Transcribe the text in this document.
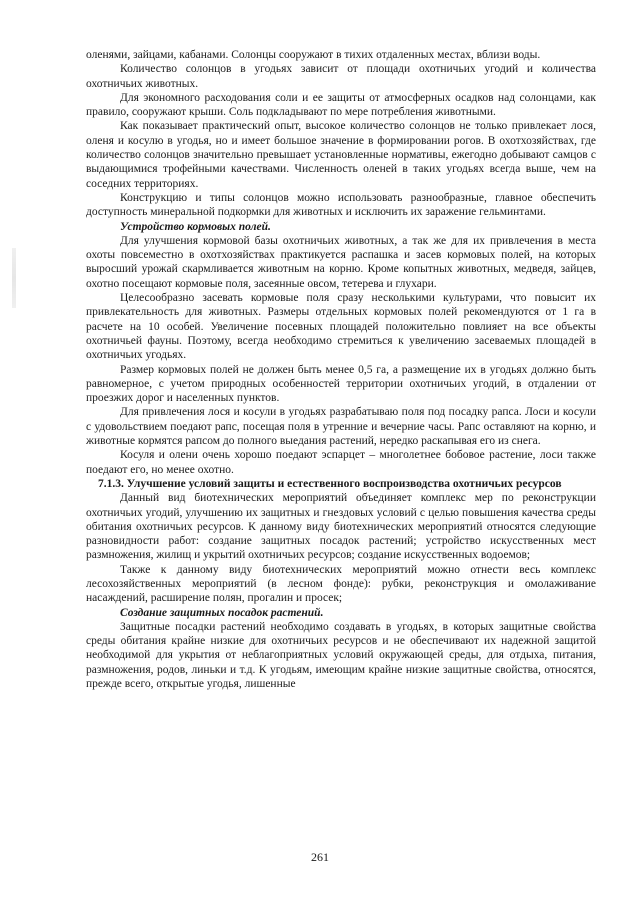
оленями, зайцами, кабанами. Солонцы сооружают в тихих отдаленных местах, вблизи воды.

Количество солонцов в угодьях зависит от площади охотничьих угодий и количества охотничьих животных.

Для экономного расходования соли и ее защиты от атмосферных осадков над солонцами, как правило, сооружают крыши. Соль подкладывают по мере потребления животными.

Как показывает практический опыт, высокое количество солонцов не только привлекает лося, оленя и косулю в угодья, но и имеет большое значение в формировании рогов. В охотхозяйствах, где количество солонцов значительно превышает установленные нормативы, ежегодно добывают самцов с выдающимися трофейными качествами. Численность оленей в таких угодьях всегда выше, чем на соседних территориях.

Конструкцию и типы солонцов можно использовать разнообразные, главное обеспечить доступность минеральной подкормки для животных и исключить их заражение гельминтами.

Устройство кормовых полей.

Для улучшения кормовой базы охотничьих животных, а так же для их привлечения в места охоты повсеместно в охотхозяйствах практикуется распашка и засев кормовых полей, на которых выросший урожай скармливается животным на корню. Кроме копытных животных, медведя, зайцев, охотно посещают кормовые поля, засеянные овсом, тетерева и глухари.

Целесообразно засевать кормовые поля сразу несколькими культурами, что повысит их привлекательность для животных. Размеры отдельных кормовых полей рекомендуются от 1 га в расчете на 10 особей. Увеличение посевных площадей положительно повлияет на все объекты охотничьей фауны. Поэтому, всегда необходимо стремиться к увеличению засеваемых площадей в охотничьих угодьях.

Размер кормовых полей не должен быть менее 0,5 га, а размещение их в угодьях должно быть равномерное, с учетом природных особенностей территории охотничьих угодий, в отдалении от проезжих дорог и населенных пунктов.

Для привлечения лося и косули в угодьях разрабатываю поля под посадку рапса. Лоси и косули с удовольствием поедают рапс, посещая поля в утренние и вечерние часы. Рапс оставляют на корню, и животные кормятся рапсом до полного выедания растений, нередко раскапывая его из снега.

Косуля и олени очень хорошо поедают эспарцет – многолетнее бобовое растение, лоси также поедают его, но менее охотно.

7.1.3. Улучшение условий защиты и естественного воспроизводства охотничьих ресурсов

Данный вид биотехнических мероприятий объединяет комплекс мер по реконструкции охотничьих угодий, улучшению их защитных и гнездовых условий с целью повышения качества среды обитания охотничьих ресурсов. К данному виду биотехнических мероприятий относятся следующие разновидности работ: создание защитных посадок растений; устройство искусственных мест размножения, жилищ и укрытий охотничьих ресурсов; создание искусственных водоемов;

Также к данному виду биотехнических мероприятий можно отнести весь комплекс лесохозяйственных мероприятий (в лесном фонде): рубки, реконструкция и омолаживание насаждений, расширение полян, прогалин и просек;

Создание защитных посадок растений.

Защитные посадки растений необходимо создавать в угодьях, в которых защитные свойства среды обитания крайне низкие для охотничьих ресурсов и не обеспечивают их надежной защитой необходимой для укрытия от неблагоприятных условий окружающей среды, для отдыха, питания, размножения, родов, линьки и т.д. К угодьям, имеющим крайне низкие защитные свойства, относятся, прежде всего, открытые угодья, лишенные

261
